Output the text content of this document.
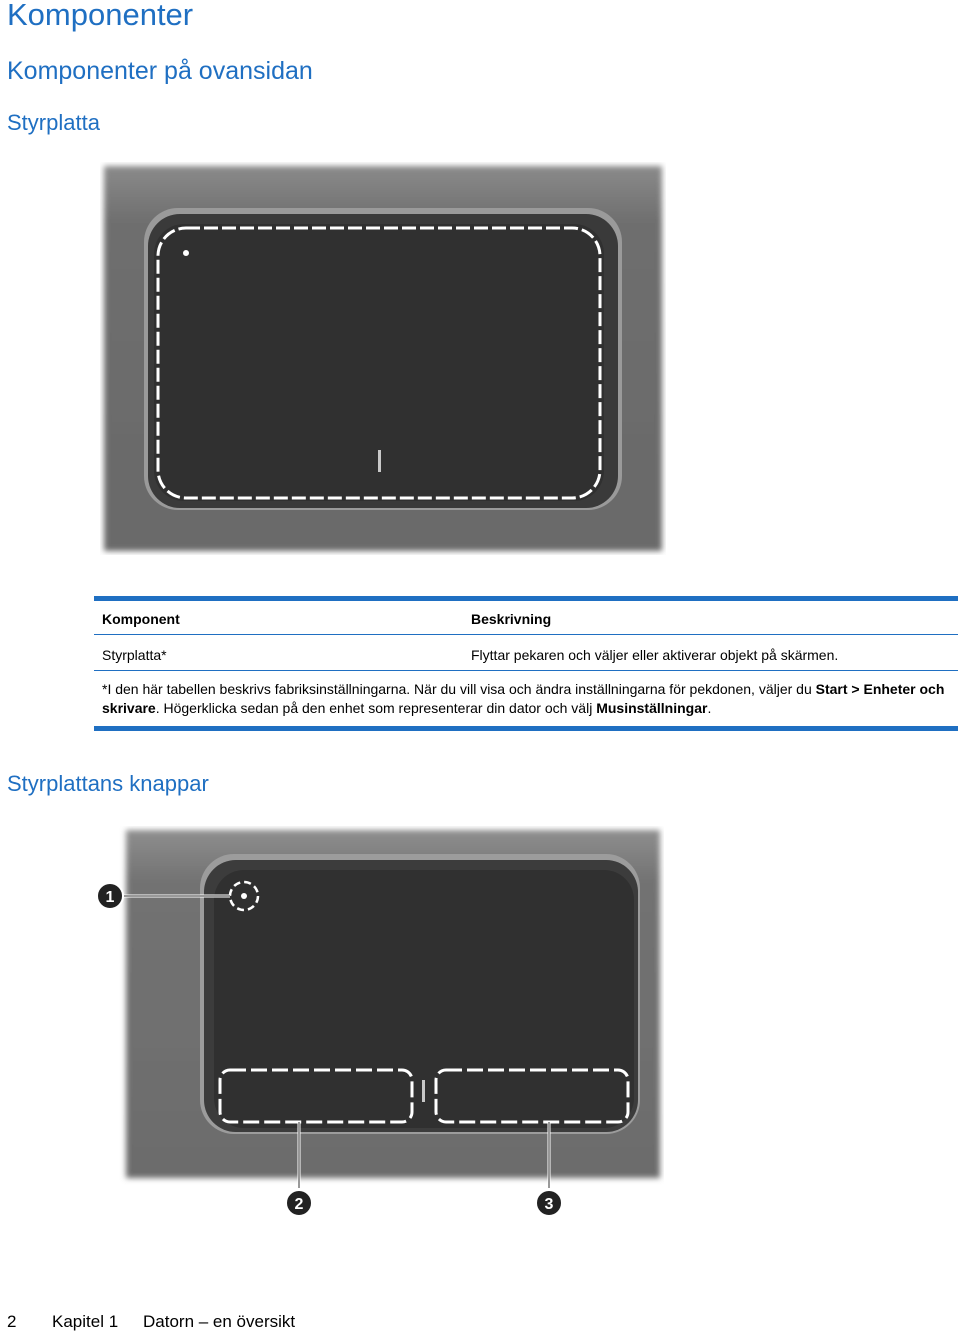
Komponenter
Komponenter på ovansidan
Styrplatta
Komponent	Beskrivning
Styrplatta*	Flyttar pekaren och väljer eller aktiverar objekt på skärmen.
*I den här tabellen beskrivs fabriksinställningarna. När du vill visa och ändra inställningarna för pekdonen, väljer du Start > Enheter och skrivare. Högerklicka sedan på den enhet som representerar din dator och välj Musinställningar.
Styrplattans knappar
1
2	3
2 Kapitel 1 Datorn – en översikt
